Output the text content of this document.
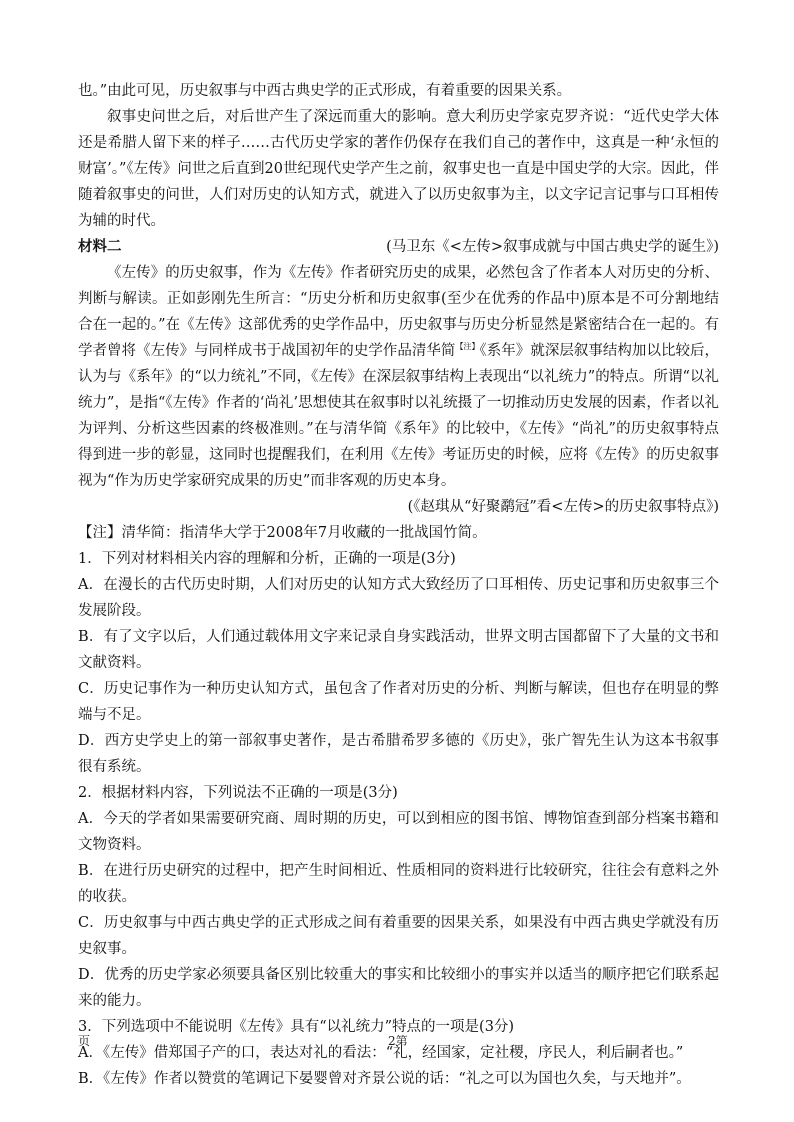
也。”由此可见，历史叙事与中西古典史学的正式形成，有着重要的因果关系。

叙事史问世之后，对后世产生了深远而重大的影响。意大利历史学家克罗齐说：“近代史学大体还是希腊人留下来的样子……古代历史学家的著作仍保存在我们自己的著作中，这真是一种‘永恒的财富’。”《左传》问世之后直到20世纪现代史学产生之前，叙事史也一直是中国史学的大宗。因此，伴随着叙事史的问世，人们对历史的认知方式，就进入了以历史叙事为主，以文字记言记事与口耳相传为辅的时代。

(马卫东《<左传>叙事成就与中国古典史学的诞生》)

材料二

《左传》的历史叙事，作为《左传》作者研究历史的成果，必然包含了作者本人对历史的分析、判断与解读。正如彭刚先生所言：“历史分析和历史叙事(至少在优秀的作品中)原本是不可分割地结合在一起的。”在《左传》这部优秀的史学作品中，历史叙事与历史分析显然是紧密结合在一起的。有学者曾将《左传》与同样成书于战国初年的史学作品清华简$^{【注】}$《系年》就深层叙事结构加以比较后，认为与《系年》的“以力统礼”不同，《左传》在深层叙事结构上表现出“以礼统力”的特点。所谓“以礼统力”，是指“《左传》作者的‘尚礼’思想使其在叙事时以礼统摄了一切推动历史发展的因素，作者以礼为评判、分析这些因素的终极准则。”在与清华简《系年》的比较中，《左传》“尚礼”的历史叙事特点得到进一步的彰显，这同时也提醒我们，在利用《左传》考证历史的时候，应将《左传》的历史叙事视为“作为历史学家研究成果的历史”而非客观的历史本身。

(《赵琪从“好聚鹬冠”看<左传>的历史叙事特点》)

【注】清华简：指清华大学于2008年7月收藏的一批战国竹简。

1．下列对材料相关内容的理解和分析，正确的一项是(3分)

A．在漫长的古代历史时期，人们对历史的认知方式大致经历了口耳相传、历史记事和历史叙事三个发展阶段。

B．有了文字以后，人们通过载体用文字来记录自身实践活动，世界文明古国都留下了大量的文书和文献资料。

C．历史记事作为一种历史认知方式，虽包含了作者对历史的分析、判断与解读，但也存在明显的弊端与不足。

D．西方史学史上的第一部叙事史著作，是古希腊希罗多德的《历史》，张广智先生认为这本书叙事很有系统。

2．根据材料内容，下列说法不正确的一项是(3分)

A．今天的学者如果需要研究商、周时期的历史，可以到相应的图书馆、博物馆查到部分档案书籍和文物资料。

B．在进行历史研究的过程中，把产生时间相近、性质相同的资料进行比较研究，往往会有意料之外的收获。

C．历史叙事与中西古典史学的正式形成之间有着重要的因果关系，如果没有中西古典史学就没有历史叙事。

D．优秀的历史学家必须要具备区别比较重大的事实和比较细小的事实并以适当的顺序把它们联系起来的能力。

3．下列选项中不能说明《左传》具有“以礼统力”特点的一项是(3分)

A．《左传》借郑国子产的口，表达对礼的看法：“礼，经国家，定社稷，序民人，利后嗣者也。”

B．《左传》作者以赞赏的笔调记下晏婴曾对齐景公说的话：“礼之可以为国也久矣，与天地并”。

页	2第
